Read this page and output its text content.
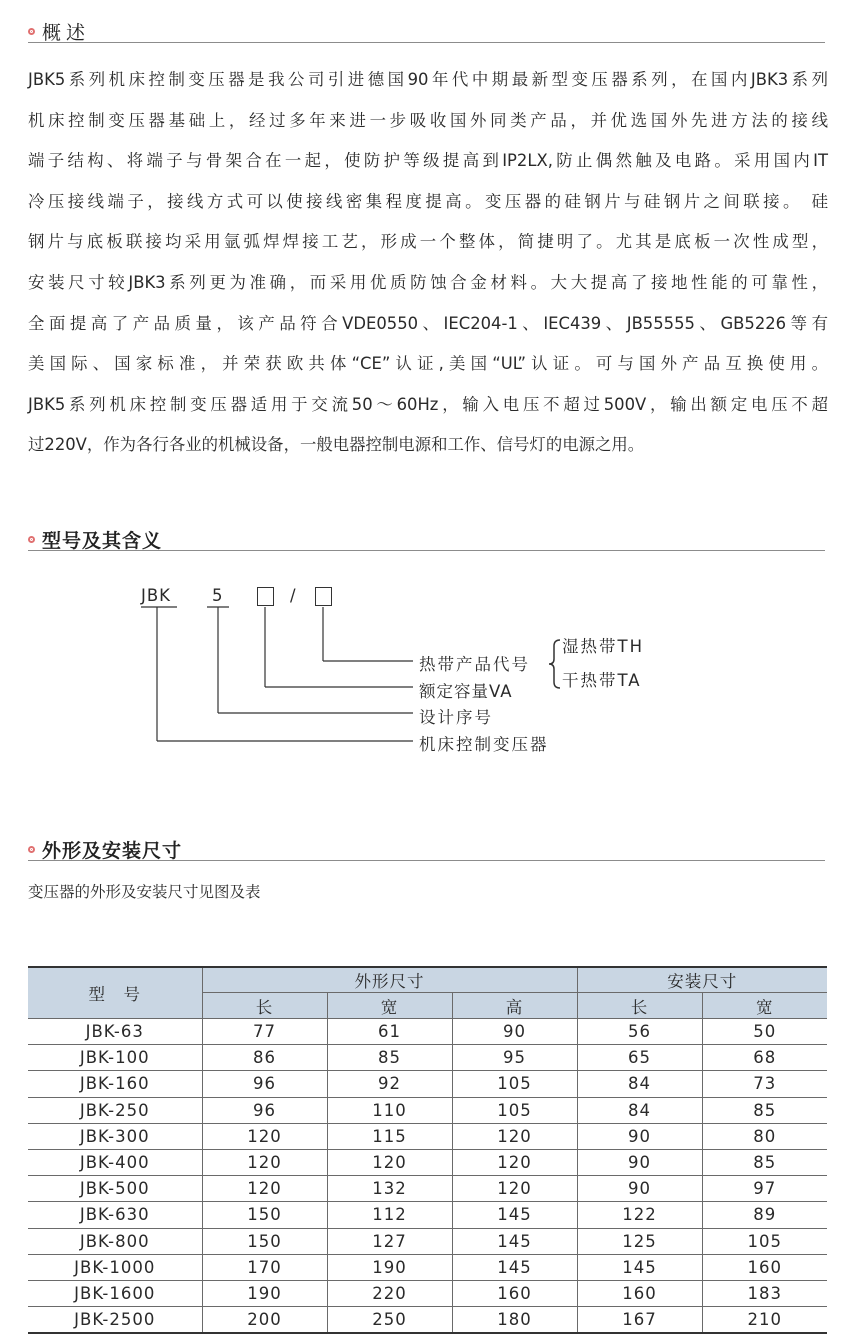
概述
JBK5系列机床控制变压器是我公司引进德国90年代中期最新型变压器系列，在国内JBK3系列
机床控制变压器基础上，经过多年来进一步吸收国外同类产品，并优选国外先进方法的接线
端子结构、将端子与骨架合在一起，使防护等级提高到IP2LX,防止偶然触及电路。采用国内IT
冷压接线端子，接线方式可以使接线密集程度提高。变压器的硅钢片与硅钢片之间联接。 硅
钢片与底板联接均采用氩弧焊焊接工艺，形成一个整体，简捷明了。尤其是底板一次性成型，
安装尺寸较JBK3系列更为准确，而采用优质防蚀合金材料。大大提高了接地性能的可靠性，
全面提高了产品质量，该产品符合VDE0550、IEC204-1、IEC439、JB55555、GB5226等有
美国际、国家标准，并荣获欧共体“CE”认证,美国“UL”认证。可与国外产品互换使用。
JBK5系列机床控制变压器适用于交流50～60Hz，输入电压不超过500V，输出额定电压不超
过220V，作为各行各业的机械设备，一般电器控制电源和工作、信号灯的电源之用。
型号及其含义
JBK 5	/
热带产品代号
额定容量VA
设计序号
机床控制变压器
湿热带TH
干热带TA
外形及安装尺寸
变压器的外形及安装尺寸见图及表
型　号	外形尺寸			安装尺寸	
	长	宽	高	长	宽
JBK-63	77	61	90	56	50
JBK-100	86	85	95	65	68
JBK-160	96	92	105	84	73
JBK-250	96	110	105	84	85
JBK-300	120	115	120	90	80
JBK-400	120	120	120	90	85
JBK-500	120	132	120	90	97
JBK-630	150	112	145	122	89
JBK-800	150	127	145	125	105
JBK-1000	170	190	145	145	160
JBK-1600	190	220	160	160	183
JBK-2500	200	250	180	167	210
